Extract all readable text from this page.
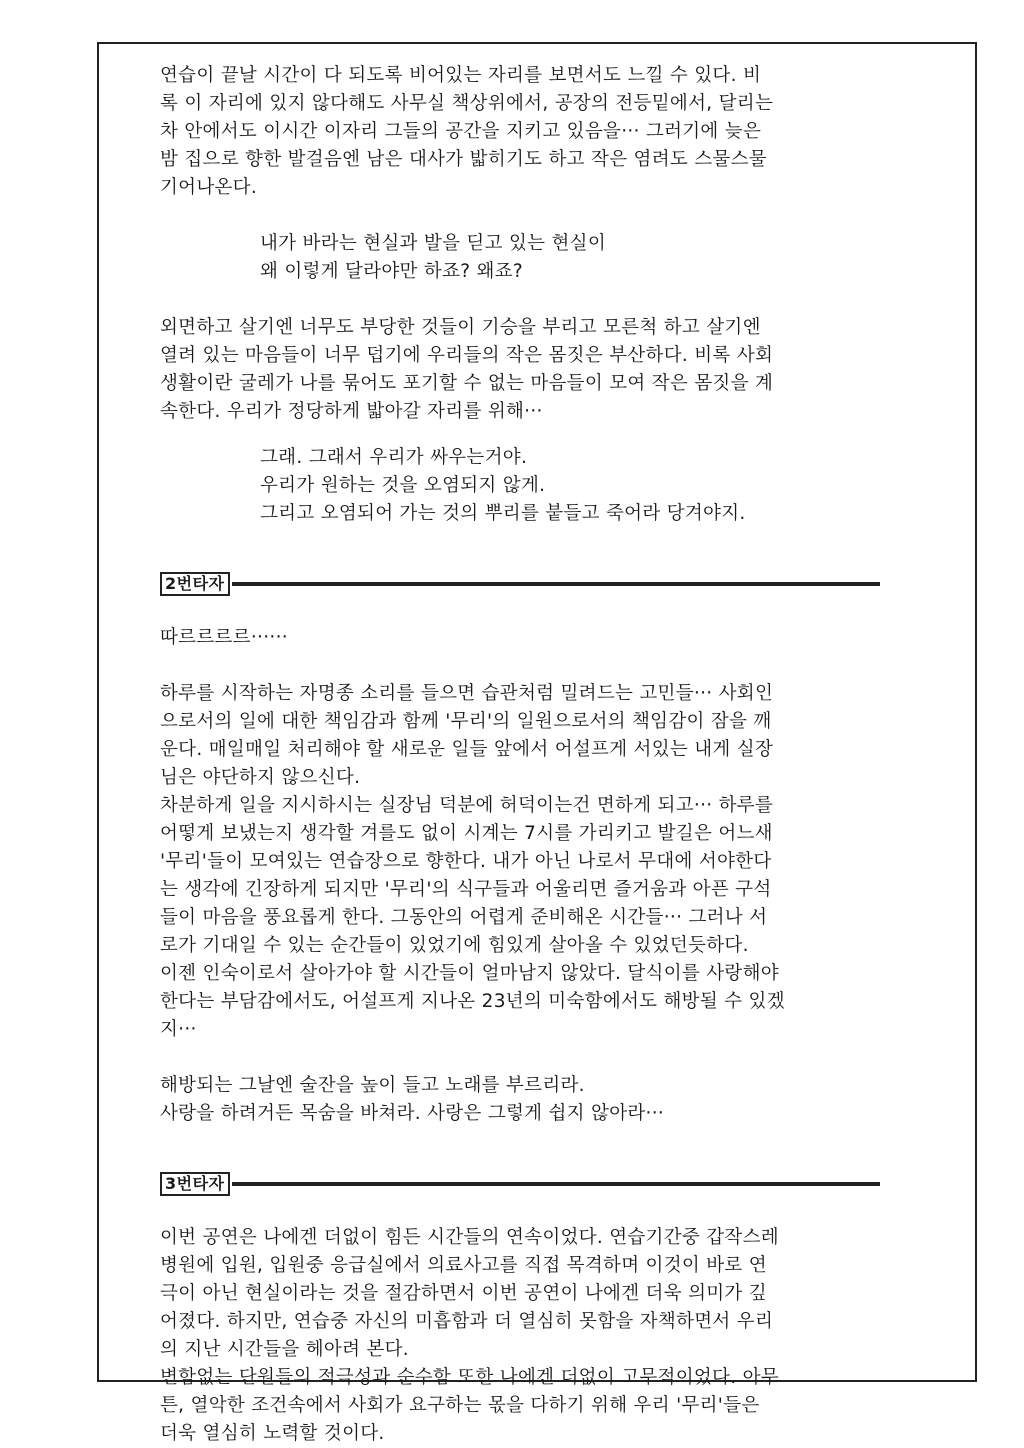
연습이 끝날 시간이 다 되도록 비어있는 자리를 보면서도 느낄 수 있다. 비
록 이 자리에 있지 않다해도 사무실 책상위에서, 공장의 전등밑에서, 달리는
차 안에서도 이시간 이자리 그들의 공간을 지키고 있음을··· 그러기에 늦은
밤 집으로 향한 발걸음엔 남은 대사가 밟히기도 하고 작은 염려도 스물스물
기어나온다.

내가 바라는 현실과 발을 딛고 있는 현실이
왜 이렇게 달라야만 하죠? 왜죠?

외면하고 살기엔 너무도 부당한 것들이 기승을 부리고 모른척 하고 살기엔
열려 있는 마음들이 너무 덥기에 우리들의 작은 몸짓은 부산하다. 비록 사회
생활이란 굴레가 나를 묶어도 포기할 수 없는 마음들이 모여 작은 몸짓을 계
속한다. 우리가 정당하게 밟아갈 자리를 위해···

그래. 그래서 우리가 싸우는거야.
우리가 원하는 것을 오염되지 않게.
그리고 오염되어 가는 것의 뿌리를 붙들고 죽어라 당겨야지.
2번타자

따르르르르······

하루를 시작하는 자명종 소리를 들으면 습관처럼 밀려드는 고민들··· 사회인
으로서의 일에 대한 책임감과 함께 '무리'의 일원으로서의 책임감이 잠을 깨
운다. 매일매일 처리해야 할 새로운 일들 앞에서 어설프게 서있는 내게 실장
님은 야단하지 않으신다.
차분하게 일을 지시하시는 실장님 덕분에 허덕이는건 면하게 되고··· 하루를
어떻게 보냈는지 생각할 겨를도 없이 시계는 7시를 가리키고 발길은 어느새
'무리'들이 모여있는 연습장으로 향한다. 내가 아닌 나로서 무대에 서야한다
는 생각에 긴장하게 되지만 '무리'의 식구들과 어울리면 즐거움과 아픈 구석
들이 마음을 풍요롭게 한다. 그동안의 어렵게 준비해온 시간들··· 그러나 서
로가 기대일 수 있는 순간들이 있었기에 힘있게 살아올 수 있었던듯하다.
이젠 인숙이로서 살아가야 할 시간들이 얼마남지 않았다. 달식이를 사랑해야
한다는 부담감에서도, 어설프게 지나온 23년의 미숙함에서도 해방될 수 있겠
지···

해방되는 그날엔 술잔을 높이 들고 노래를 부르리라.
사랑을 하려거든 목숨을 바쳐라. 사랑은 그렇게 쉽지 않아라···

3번타자

이번 공연은 나에겐 더없이 힘든 시간들의 연속이었다. 연습기간중 갑작스레
병원에 입원, 입원중 응급실에서 의료사고를 직접 목격하며 이것이 바로 연
극이 아닌 현실이라는 것을 절감하면서 이번 공연이 나에겐 더욱 의미가 깊
어졌다. 하지만, 연습중 자신의 미흡함과 더 열심히 못함을 자책하면서 우리
의 지난 시간들을 헤아려 본다.
변함없는 단원들의 적극성과 순수함 또한 나에겐 더없이 고무적이었다. 아무
튼, 열악한 조건속에서 사회가 요구하는 몫을 다하기 위해 우리 '무리'들은
더욱 열심히 노력할 것이다.
